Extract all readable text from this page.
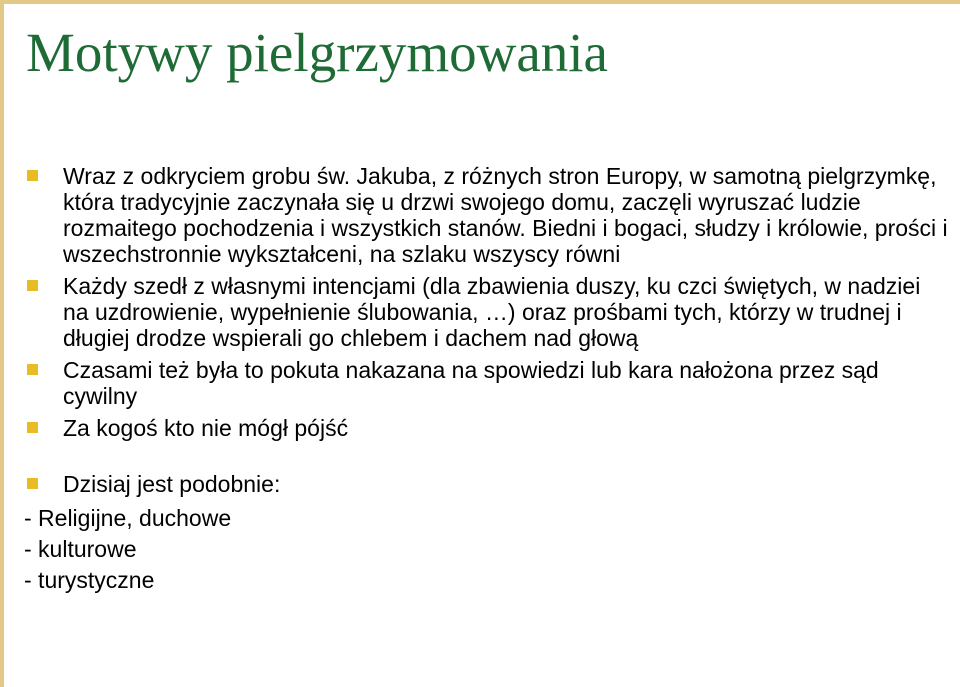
Motywy pielgrzymowania
Wraz z odkryciem grobu św. Jakuba, z różnych stron Europy, w samotną pielgrzymkę, która tradycyjnie zaczynała się u drzwi swojego domu, zaczęli wyruszać ludzie rozmaitego pochodzenia i wszystkich stanów. Biedni i bogaci, słudzy i królowie, prości i wszechstronnie wykształceni, na szlaku wszyscy równi
Każdy szedł z własnymi intencjami (dla zbawienia duszy, ku czci świętych, w nadziei na uzdrowienie, wypełnienie ślubowania, …) oraz prośbami tych, którzy w trudnej i długiej drodze wspierali go chlebem i dachem nad głową
Czasami też była to pokuta nakazana na spowiedzi lub kara nałożona przez sąd cywilny
Za kogoś kto nie mógł pójść
Dzisiaj jest podobnie:
- Religijne, duchowe
- kulturowe
- turystyczne
